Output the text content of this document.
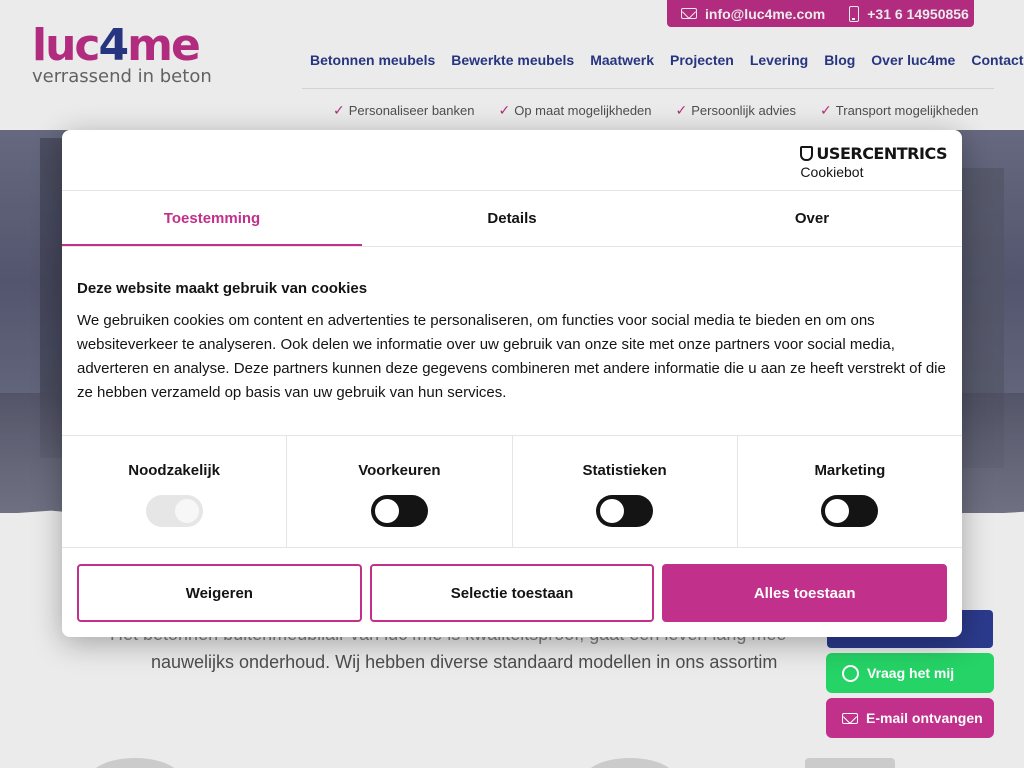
nauwelijks onderhoud. Wij hebben diverse standaard modellen in ons assortim
luc4me
verrassend in beton
info@luc4me.com	+31 6 14950856
Betonnen meubels Bewerkte meubels Maatwerk Projecten Levering Blog Over luc4me Contact
✓ Personaliseer banken ✓ Op maat mogelijkheden ✓ Persoonlijk advies ✓ Transport mogelijkheden
Vraag het mij
E-mail ontvangen
USERCENTRICS
Cookiebot
Toestemming	Details	Over
Deze website maakt gebruik van cookies

We gebruiken cookies om content en advertenties te personaliseren, om functies voor social media te bieden en om ons websiteverkeer te analyseren. Ook delen we informatie over uw gebruik van onze site met onze partners voor social media, adverteren en analyse. Deze partners kunnen deze gegevens combineren met andere informatie die u aan ze heeft verstrekt of die ze hebben verzameld op basis van uw gebruik van hun services.

Noodzakelijk	Voorkeuren	Statistieken	Marketing
Weigeren	Selectie toestaan	Alles toestaan
